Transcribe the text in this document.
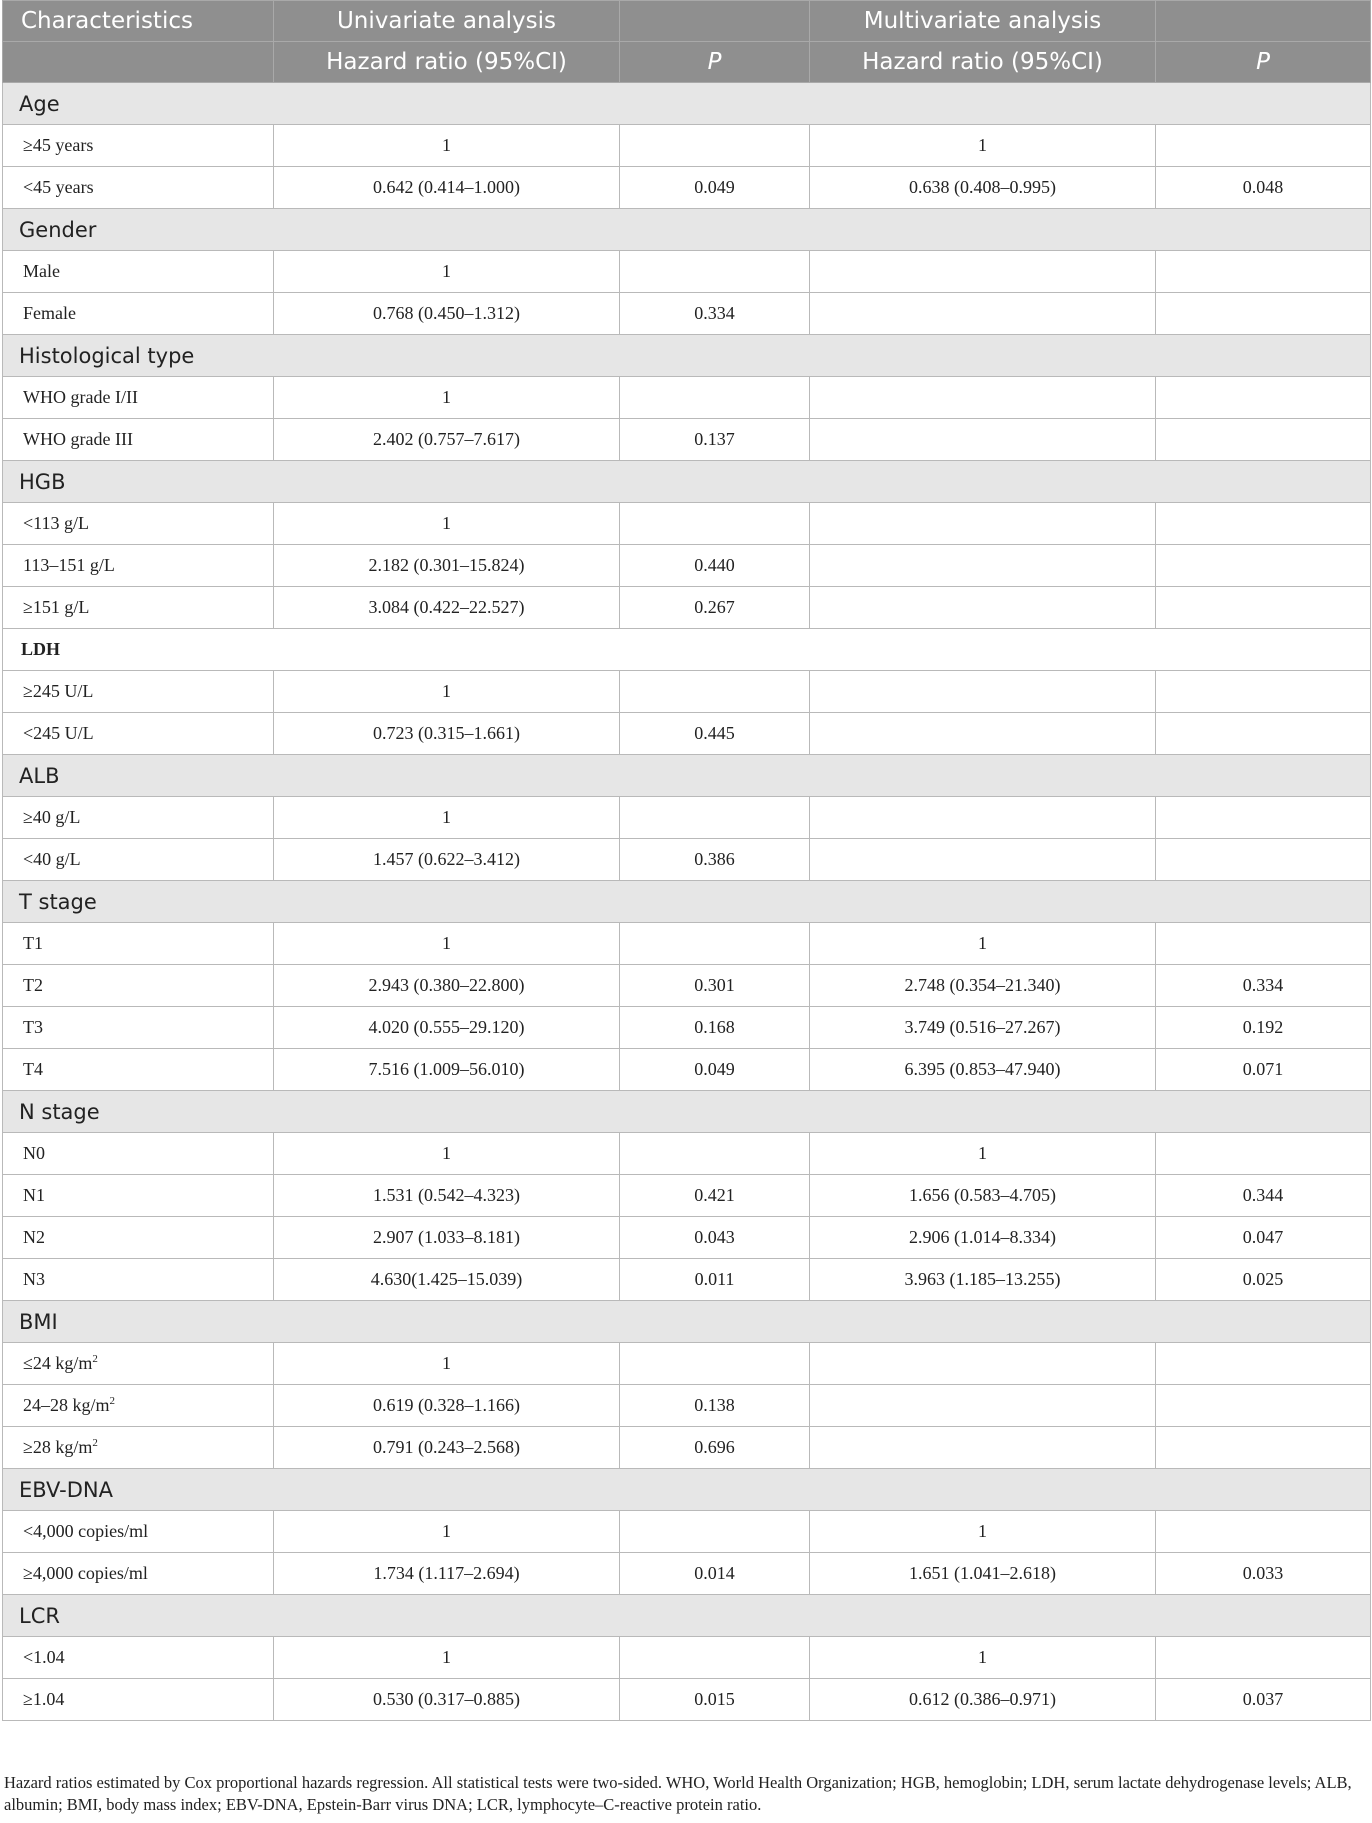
Characteristics	Univariate analysis		Multivariate analysis	
	Hazard ratio (95%CI)	P	Hazard ratio (95%CI)	P
Age				
≥45 years	1		1	
<45 years	0.642 (0.414–1.000)	0.049	0.638 (0.408–0.995)	0.048
Gender				
Male	1			
Female	0.768 (0.450–1.312)	0.334		
Histological type				
WHO grade I/II	1			
WHO grade III	2.402 (0.757–7.617)	0.137		
HGB				
<113 g/L	1			
113–151 g/L	2.182 (0.301–15.824)	0.440		
≥151 g/L	3.084 (0.422–22.527)	0.267		
LDH				
≥245 U/L	1			
<245 U/L	0.723 (0.315–1.661)	0.445		
ALB				
≥40 g/L	1			
<40 g/L	1.457 (0.622–3.412)	0.386		
T stage				
T1	1		1	
T2	2.943 (0.380–22.800)	0.301	2.748 (0.354–21.340)	0.334
T3	4.020 (0.555–29.120)	0.168	3.749 (0.516–27.267)	0.192
T4	7.516 (1.009–56.010)	0.049	6.395 (0.853–47.940)	0.071
N stage				
N0	1		1	
N1	1.531 (0.542–4.323)	0.421	1.656 (0.583–4.705)	0.344
N2	2.907 (1.033–8.181)	0.043	2.906 (1.014–8.334)	0.047
N3	4.630(1.425–15.039)	0.011	3.963 (1.185–13.255)	0.025
BMI				
≤24 $kg/m^2$	1			
24–28 $kg/m^2$	0.619 (0.328–1.166)	0.138		
≥28 $kg/m^2$	0.791 (0.243–2.568)	0.696		
EBV-DNA				
<4,000 copies/ml	1		1	
≥4,000 copies/ml	1.734 (1.117–2.694)	0.014	1.651 (1.041–2.618)	0.033
LCR				
<1.04	1		1	
≥1.04	0.530 (0.317–0.885)	0.015	0.612 (0.386–0.971)	0.037
Hazard ratios estimated by Cox proportional hazards regression. All statistical tests were two-sided. WHO, World Health Organization; HGB, hemoglobin; LDH, serum lactate dehydrogenase levels; ALB, albumin; BMI, body mass index; EBV-DNA, Epstein-Barr virus DNA; LCR, lymphocyte–C-reactive protein ratio.
